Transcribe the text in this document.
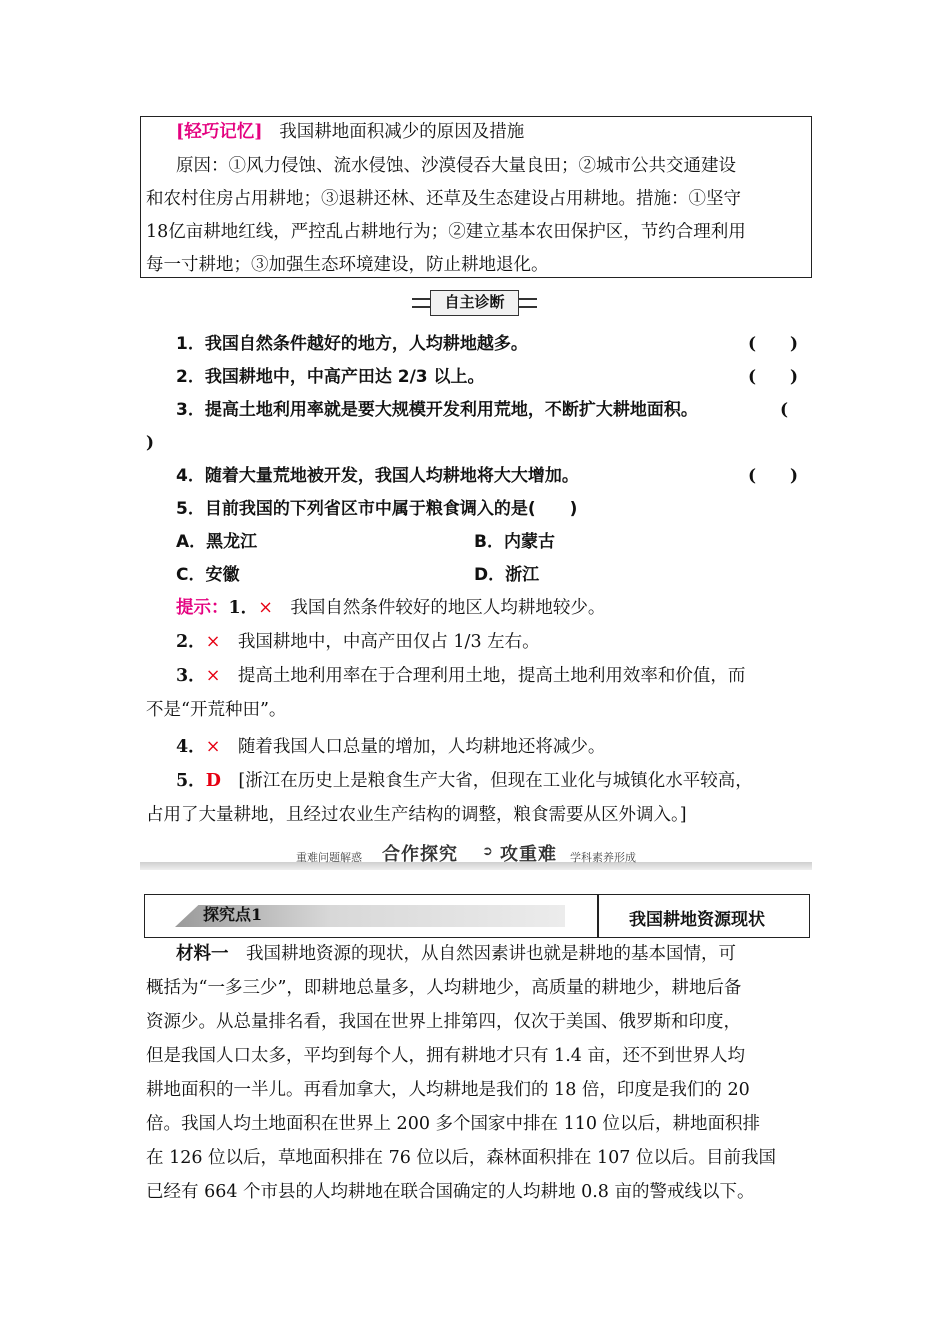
[轻巧记忆] 我国耕地面积减少的原因及措施
原因：①风力侵蚀、流水侵蚀、沙漠侵吞大量良田；②城市公共交通建设
和农村住房占用耕地；③退耕还林、还草及生态建设占用耕地。措施：①坚守
18亿亩耕地红线，严控乱占耕地行为；②建立基本农田保护区，节约合理利用
每一寸耕地；③加强生态环境建设，防止耕地退化。
自主诊断
1．我国自然条件越好的地方，人均耕地越多。	(　　)
2．我国耕地中，中高产田达 2/3 以上。	(　　)
3．提高土地利用率就是要大规模开发利用荒地，不断扩大耕地面积。	(
)
4．随着大量荒地被开发，我国人均耕地将大大增加。	(　　)
5．目前我国的下列省区市中属于粮食调入的是(　　)
A．黑龙江	B．内蒙古
C．安徽	D．浙江
提示：1．×　我国自然条件较好的地区人均耕地较少。
2．×　我国耕地中，中高产田仅占 1/3 左右。
3．×　提高土地利用率在于合理利用土地，提高土地利用效率和价值，而
不是“开荒种田”。
4．×　随着我国人口总量的增加，人均耕地还将减少。
5．D　[浙江在历史上是粮食生产大省，但现在工业化与城镇化水平较高，
占用了大量耕地，且经过农业生产结构的调整，粮食需要从区外调入。]
重难问题解惑 合作探究 ➲ 攻重难 学科素养形成
探究点1	我国耕地资源现状
材料一　我国耕地资源的现状，从自然因素讲也就是耕地的基本国情，可
概括为“一多三少”，即耕地总量多，人均耕地少，高质量的耕地少，耕地后备
资源少。从总量排名看，我国在世界上排第四，仅次于美国、俄罗斯和印度，
但是我国人口太多，平均到每个人，拥有耕地才只有 1.4 亩，还不到世界人均
耕地面积的一半儿。再看加拿大，人均耕地是我们的 18 倍，印度是我们的 20
倍。我国人均土地面积在世界上 200 多个国家中排在 110 位以后，耕地面积排
在 126 位以后，草地面积排在 76 位以后，森林面积排在 107 位以后。目前我国
已经有 664 个市县的人均耕地在联合国确定的人均耕地 0.8 亩的警戒线以下。
